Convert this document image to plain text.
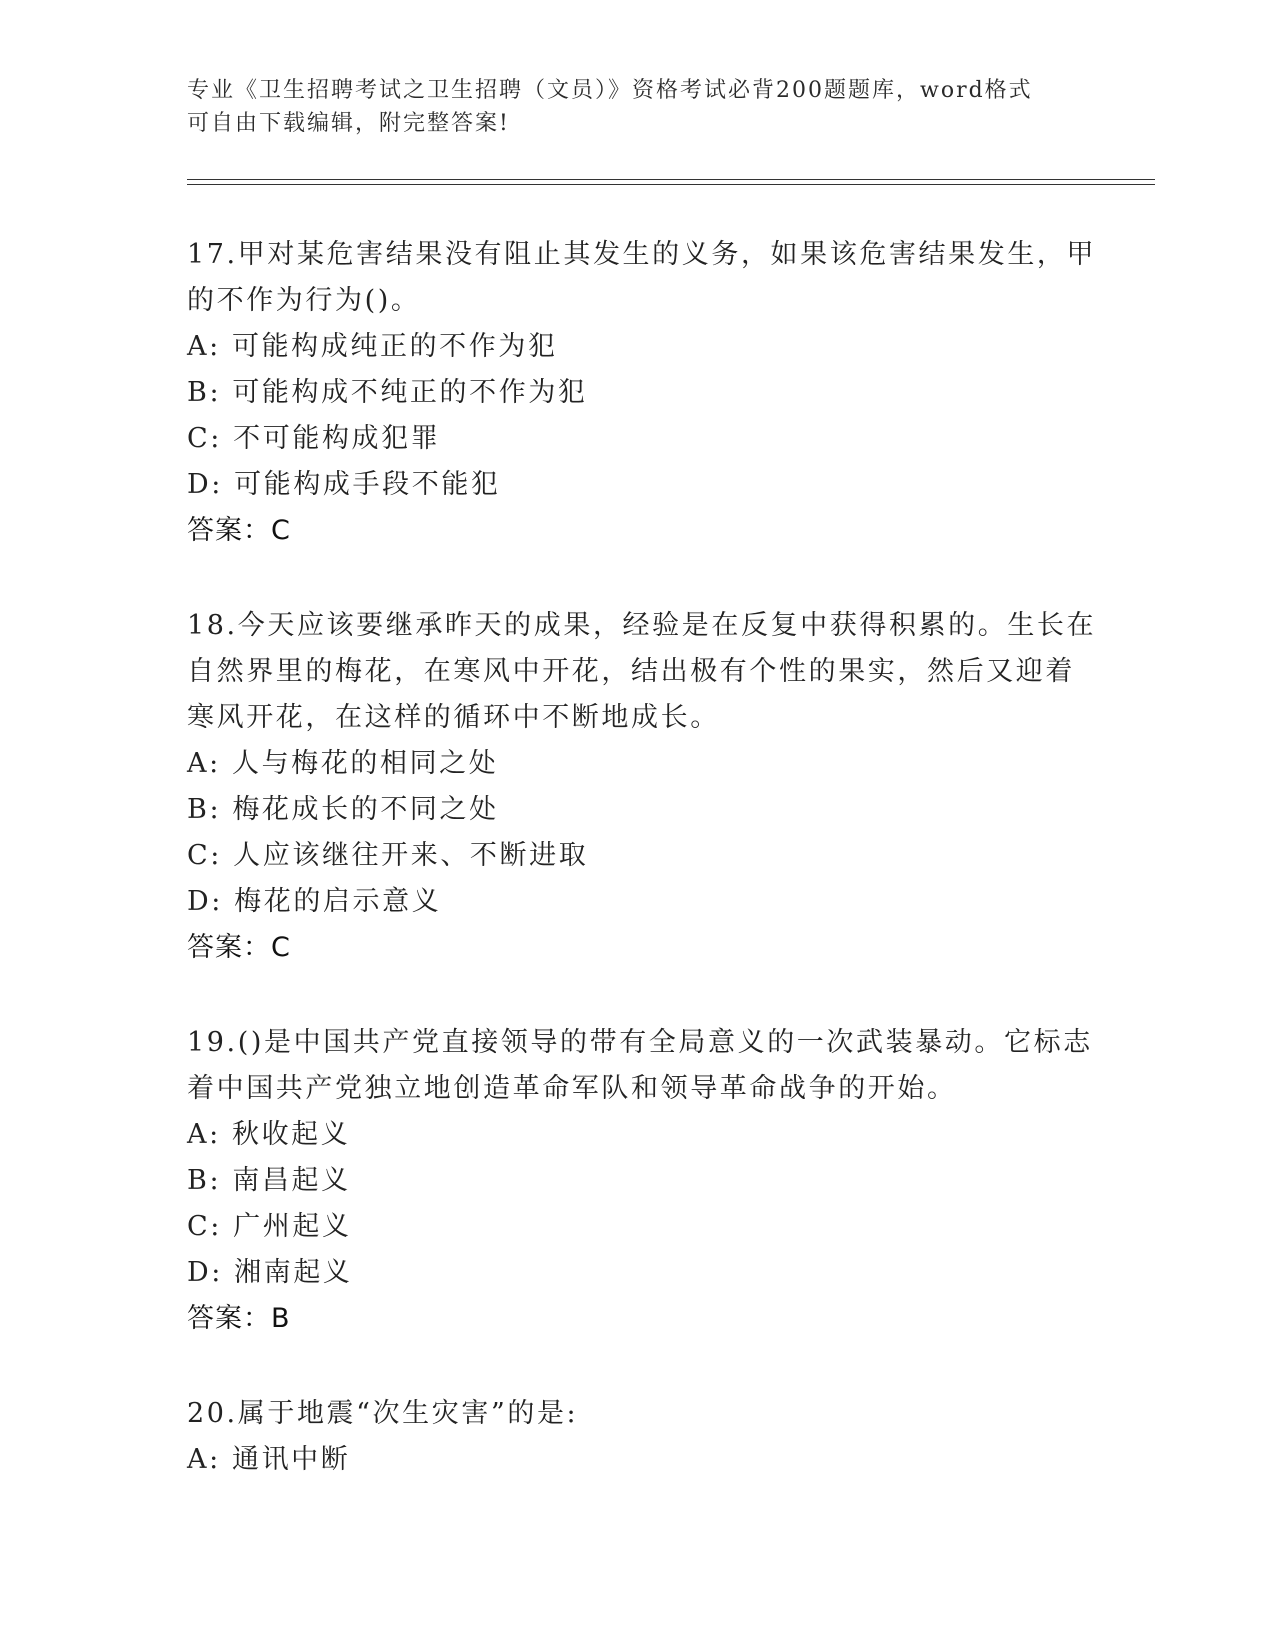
专业《卫生招聘考试之卫生招聘（文员）》资格考试必背200题题库，word格式
可自由下载编辑，附完整答案!
17.甲对某危害结果没有阻止其发生的义务，如果该危害结果发生，甲
的不作为行为()。
A: 可能构成纯正的不作为犯
B: 可能构成不纯正的不作为犯
C: 不可能构成犯罪
D: 可能构成手段不能犯
答案：C
18.今天应该要继承昨天的成果，经验是在反复中获得积累的。生长在
自然界里的梅花，在寒风中开花，结出极有个性的果实，然后又迎着
寒风开花，在这样的循环中不断地成长。
A: 人与梅花的相同之处
B: 梅花成长的不同之处
C: 人应该继往开来、不断进取
D: 梅花的启示意义
答案：C
19.()是中国共产党直接领导的带有全局意义的一次武装暴动。它标志
着中国共产党独立地创造革命军队和领导革命战争的开始。
A: 秋收起义
B: 南昌起义
C: 广州起义
D: 湘南起义
答案：B
20.属于地震“次生灾害”的是:
A: 通讯中断
